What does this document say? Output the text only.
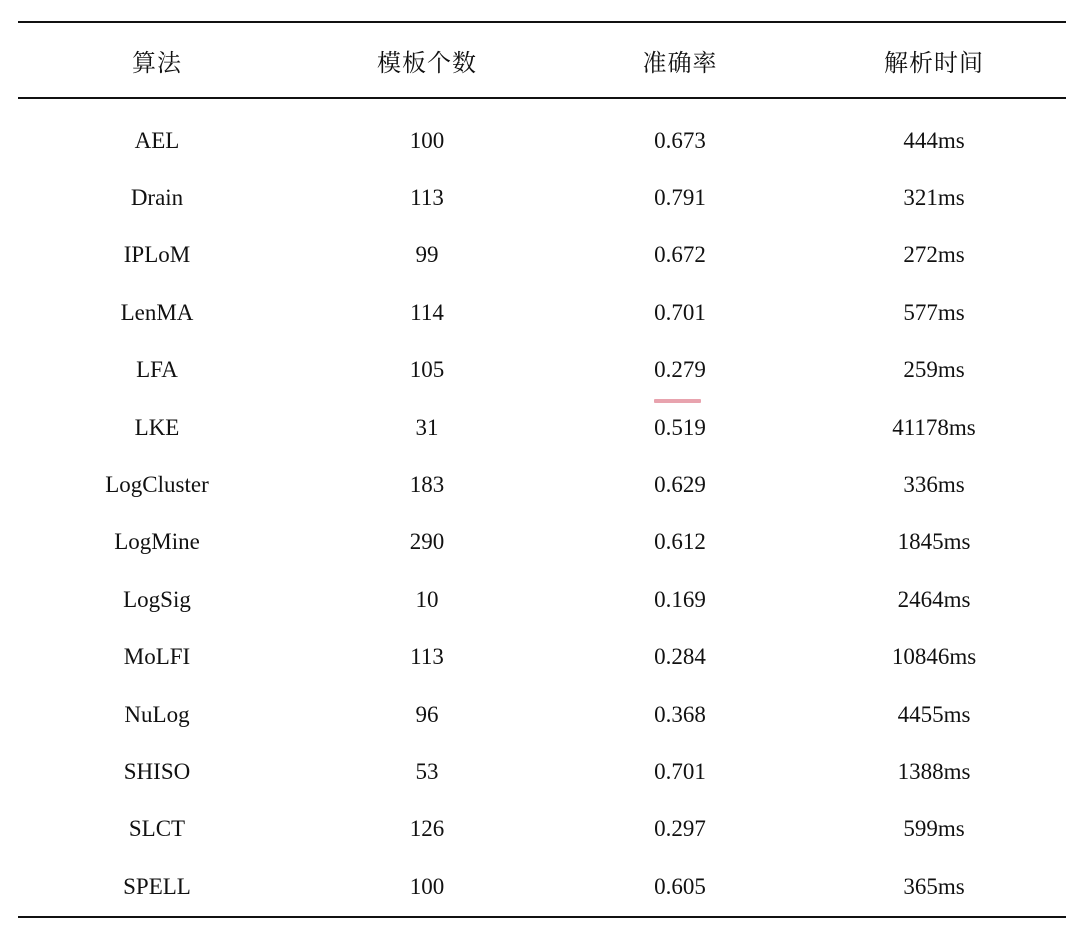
算法	模板个数	准确率	解析时间
AEL	100	0.673	444ms
Drain	113	0.791	321ms
IPLoM	99	0.672	272ms
LenMA	114	0.701	577ms
LFA	105	0.279	259ms
LKE	31	0.519	41178ms
LogCluster	183	0.629	336ms
LogMine	290	0.612	1845ms
LogSig	10	0.169	2464ms
MoLFI	113	0.284	10846ms
NuLog	96	0.368	4455ms
SHISO	53	0.701	1388ms
SLCT	126	0.297	599ms
SPELL	100	0.605	365ms
